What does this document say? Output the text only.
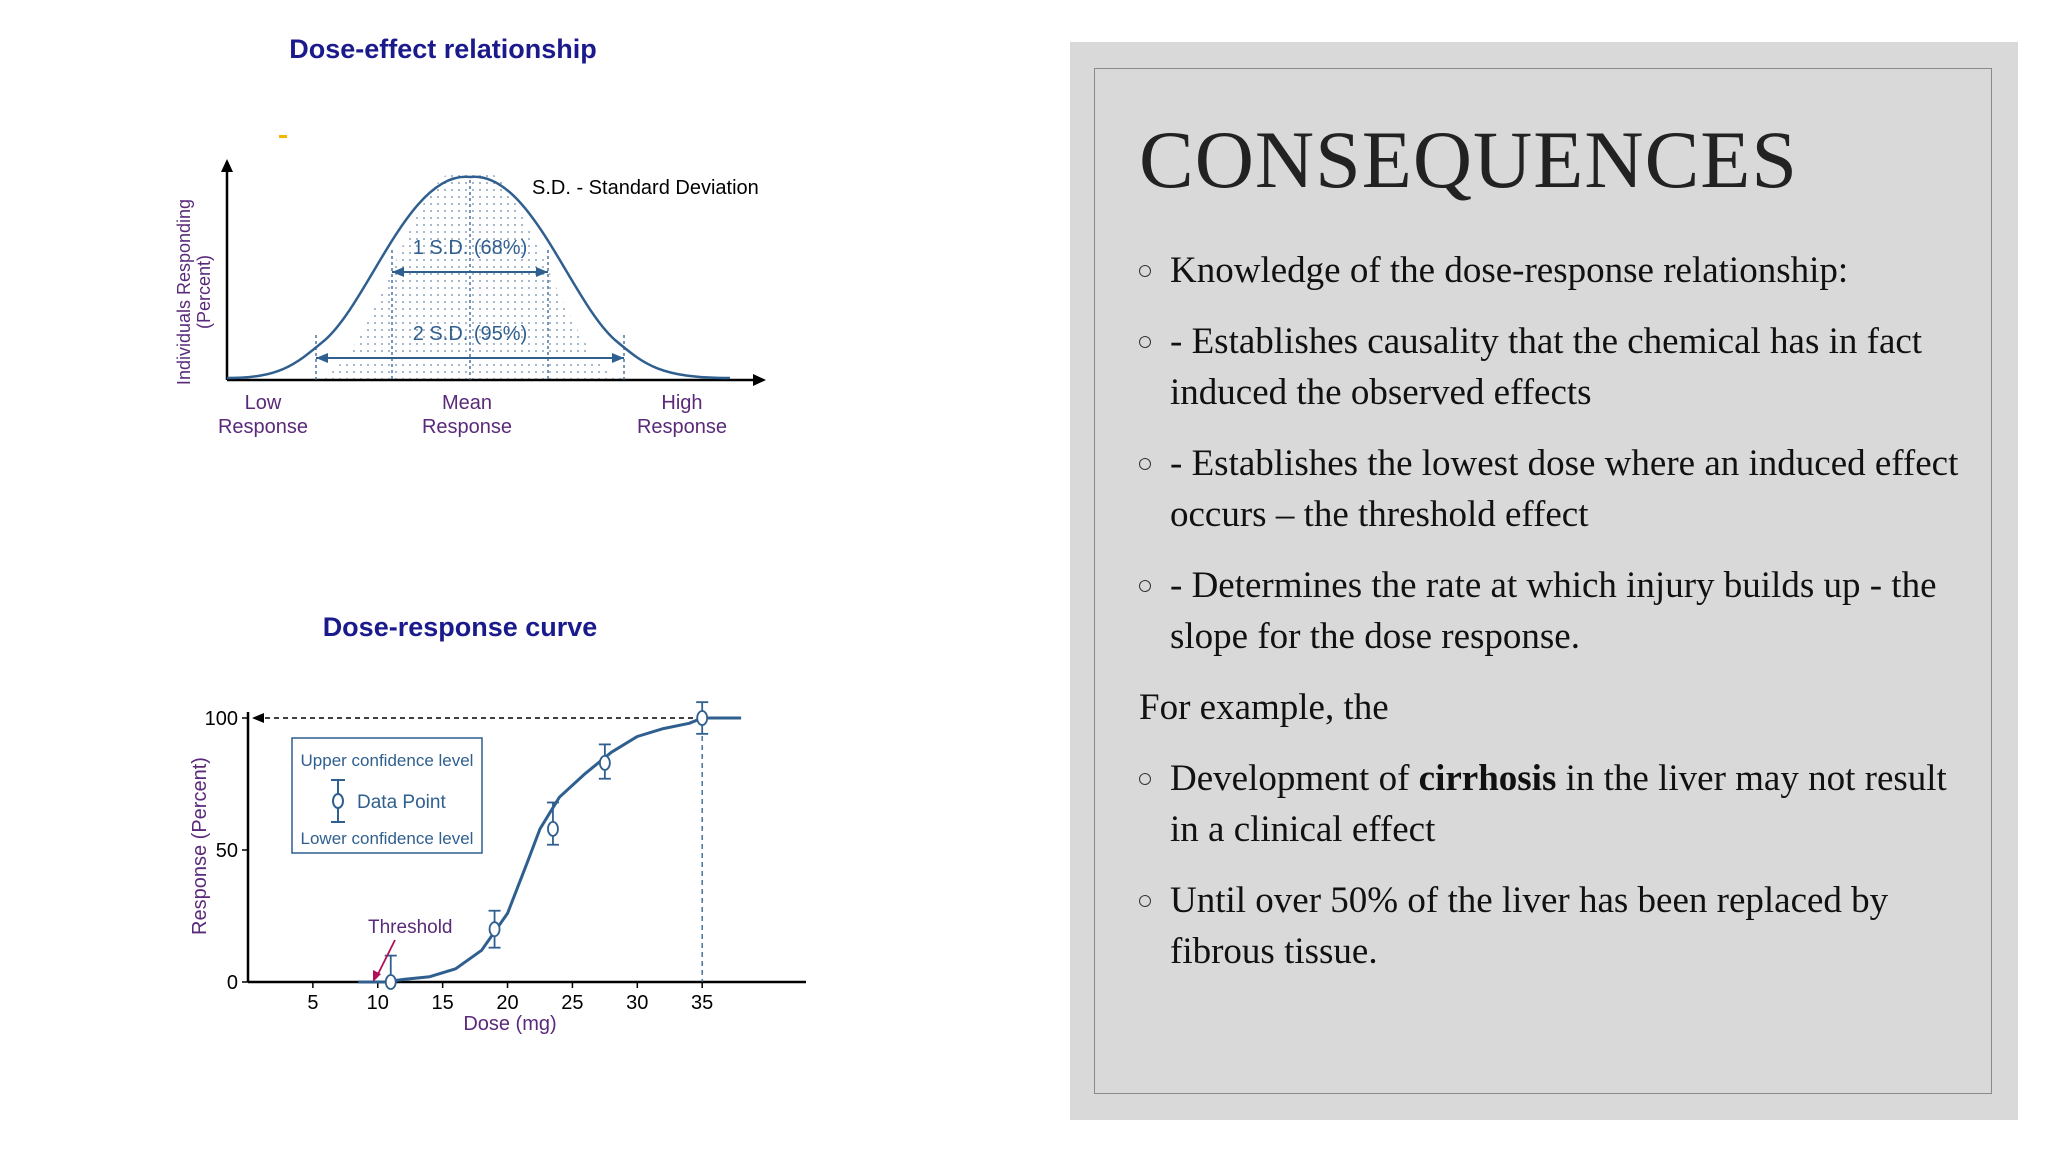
Dose-effect relationship
1 S.D. (68%)
2 S.D. (95%)
S.D. - Standard Deviation
Individuals Responding (Percent)
Low
Response
Mean
Response
High
Response
Dose-response curve
5 10 15 20 25 30 35
0
50
100
Upper confidence level
Data Point
Lower confidence level
Threshold
Response (Percent)
Dose (mg)
CONSEQUENCES
Knowledge of the dose-response relationship:
- Establishes causality that the chemical has in fact induced the observed effects
- Establishes the lowest dose where an induced effect occurs – the threshold effect
- Determines the rate at which injury builds up - the slope for the dose response.
For example, the
Development of cirrhosis in the liver may not result in a clinical effect
Until over 50% of the liver has been replaced by fibrous tissue.
